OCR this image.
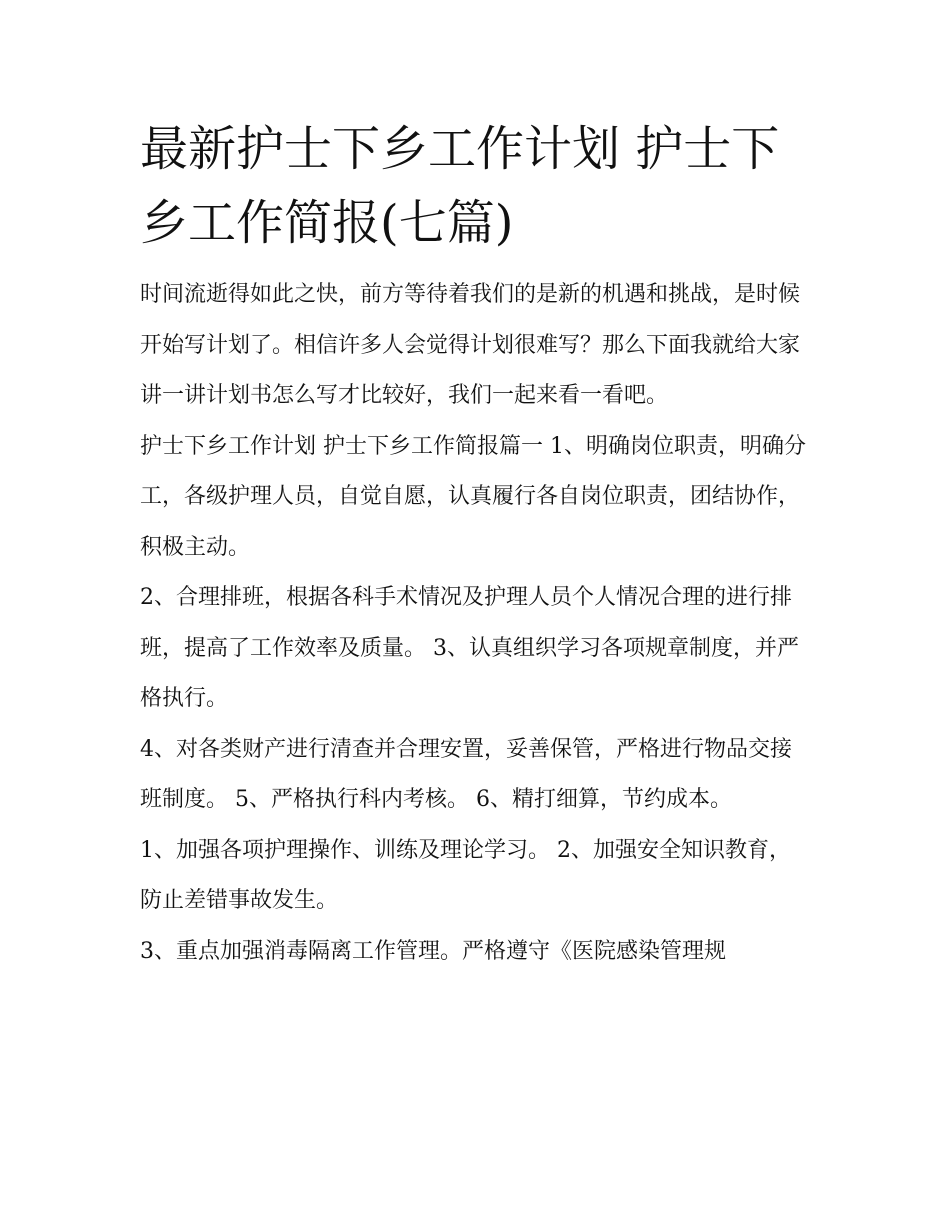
最新护士下乡工作计划 护士下乡工作简报(七篇)

时间流逝得如此之快，前方等待着我们的是新的机遇和挑战，是时候开始写计划了。相信许多人会觉得计划很难写？那么下面我就给大家讲一讲计划书怎么写才比较好，我们一起来看一看吧。

护士下乡工作计划 护士下乡工作简报篇一 1、明确岗位职责，明确分工，各级护理人员，自觉自愿，认真履行各自岗位职责，团结协作，积极主动。

2、合理排班，根据各科手术情况及护理人员个人情况合理的进行排班，提高了工作效率及质量。 3、认真组织学习各项规章制度，并严格执行。

4、对各类财产进行清查并合理安置，妥善保管，严格进行物品交接班制度。 5、严格执行科内考核。 6、精打细算，节约成本。

1、加强各项护理操作、训练及理论学习。 2、加强安全知识教育，防止差错事故发生。

3、重点加强消毒隔离工作管理。严格遵守《医院感染管理规
